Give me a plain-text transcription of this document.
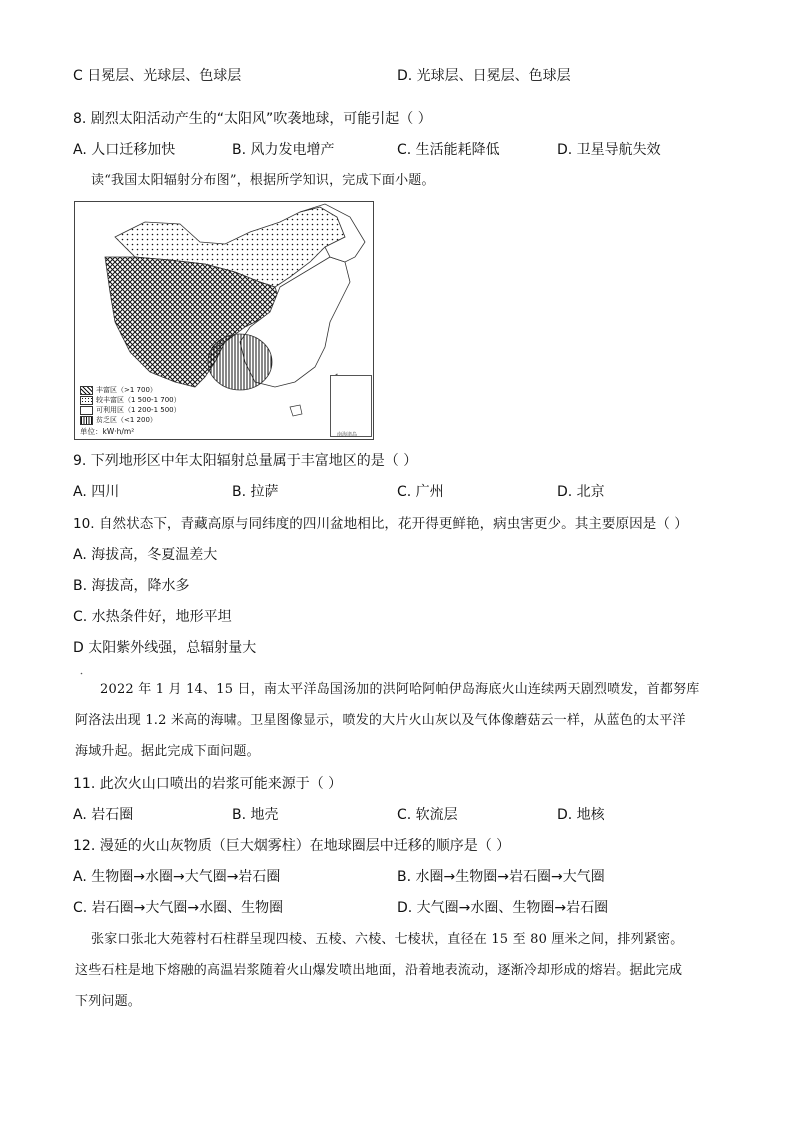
C 日冕层、光球层、色球层	D. 光球层、日冕层、色球层
8. 剧烈太阳活动产生的“太阳风”吹袭地球，可能引起（ ）
A. 人口迁移加快	B. 风力发电增产	C. 生活能耗降低	D. 卫星导航失效
读“我国太阳辐射分布图”，根据所学知识，完成下面小题。
丰富区（>1 700）
较丰富区（1 500-1 700）
可利用区（1 200-1 500）
贫乏区（<1 200）
单位：kW·h/m²	南海诸岛
9. 下列地形区中年太阳辐射总量属于丰富地区的是（ ）
A. 四川	B. 拉萨	C. 广州	D. 北京
10. 自然状态下，青藏高原与同纬度的四川盆地相比，花开得更鲜艳，病虫害更少。其主要原因是（ ）
A. 海拔高，冬夏温差大
B. 海拔高，降水多
C. 水热条件好，地形平坦
D 太阳紫外线强，总辐射量大
2022 年 1 月 14、15 日，南太平洋岛国汤加的洪阿哈阿帕伊岛海底火山连续两天剧烈喷发，首都努库
阿洛法出现 1.2 米高的海啸。卫星图像显示，喷发的大片火山灰以及气体像蘑菇云一样，从蓝色的太平洋
海域升起。据此完成下面问题。
11. 此次火山口喷出的岩浆可能来源于（ ）
A. 岩石圈	B. 地壳	C. 软流层	D. 地核
12. 漫延的火山灰物质（巨大烟雾柱）在地球圈层中迁移的顺序是（ ）
A. 生物圈→水圈→大气圈→岩石圈	B. 水圈→生物圈→岩石圈→大气圈
C. 岩石圈→大气圈→水圈、生物圈	D. 大气圈→水圈、生物圈→岩石圈
张家口张北大苑蓉村石柱群呈现四棱、五棱、六棱、七棱状，直径在 15 至 80 厘米之间，排列紧密。
这些石柱是地下熔融的高温岩浆随着火山爆发喷出地面，沿着地表流动，逐渐冷却形成的熔岩。据此完成
下列问题。
